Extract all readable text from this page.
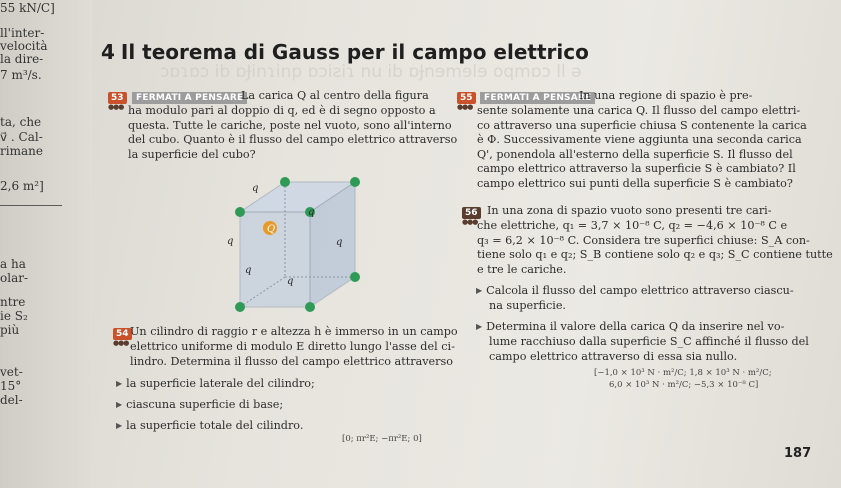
55 kN/C]
ll'inter-
velocità
la dire-
7 m³/s.
ta, che
v⃗ . Cal-
rimane
2,6 m²]
a ha
olar-
ntre
ie S₂
più
vet-
15°
del-
4 Il teorema di Gauss per il campo elettrico
ɔɒɿɒɔ ib ɒɈinɿinp ɒɔiƨiɿ nu ib ɒɈnɘmɘlɘ oqmɒɔ ll ǝ
53
●●●
FERMATI A PENSARE
La carica Q al centro della figura
ha modulo pari al doppio di q, ed è di segno opposto a
questa. Tutte le cariche, poste nel vuoto, sono all'interno
del cubo. Quanto è il flusso del campo elettrico attraverso
la superficie del cubo?
q
q
q	q
q
q
Q
54
●●●
Un cilindro di raggio r e altezza h è immerso in un campo
elettrico uniforme di modulo E diretto lungo l'asse del ci-
lindro. Determina il flusso del campo elettrico attraverso
▶ la superficie laterale del cilindro;
▶ ciascuna superficie di base;
▶ la superficie totale del cilindro.
[0; πr²E; −πr²E; 0]
55
●●●
FERMATI A PENSARE
In una regione di spazio è pre-
sente solamente una carica Q. Il flusso del campo elettri-
co attraverso una superficie chiusa S contenente la carica
è Φ. Successivamente viene aggiunta una seconda carica
Q', ponendola all'esterno della superficie S. Il flusso del
campo elettrico attraverso la superficie S è cambiato? Il
campo elettrico sui punti della superficie S è cambiato?
56
●●●
In una zona di spazio vuoto sono presenti tre cari-
che elettriche, q₁ = 3,7 × 10⁻⁸ C, q₂ = −4,6 × 10⁻⁸ C e
q₃ = 6,2 × 10⁻⁸ C. Considera tre superfici chiuse: S_A con-
tiene solo q₁ e q₂; S_B contiene solo q₂ e q₃; S_C contiene tutte
e tre le cariche.
▶ Calcola il flusso del campo elettrico attraverso ciascu-
na superficie.
▶ Determina il valore della carica Q da inserire nel vo-
lume racchiuso dalla superficie S_C affinché il flusso del
campo elettrico attraverso di essa sia nullo.
[−1,0 × 10³ N · m²/C; 1,8 × 10³ N · m²/C;
6,0 × 10³ N · m²/C; −5,3 × 10⁻⁸ C]
187
